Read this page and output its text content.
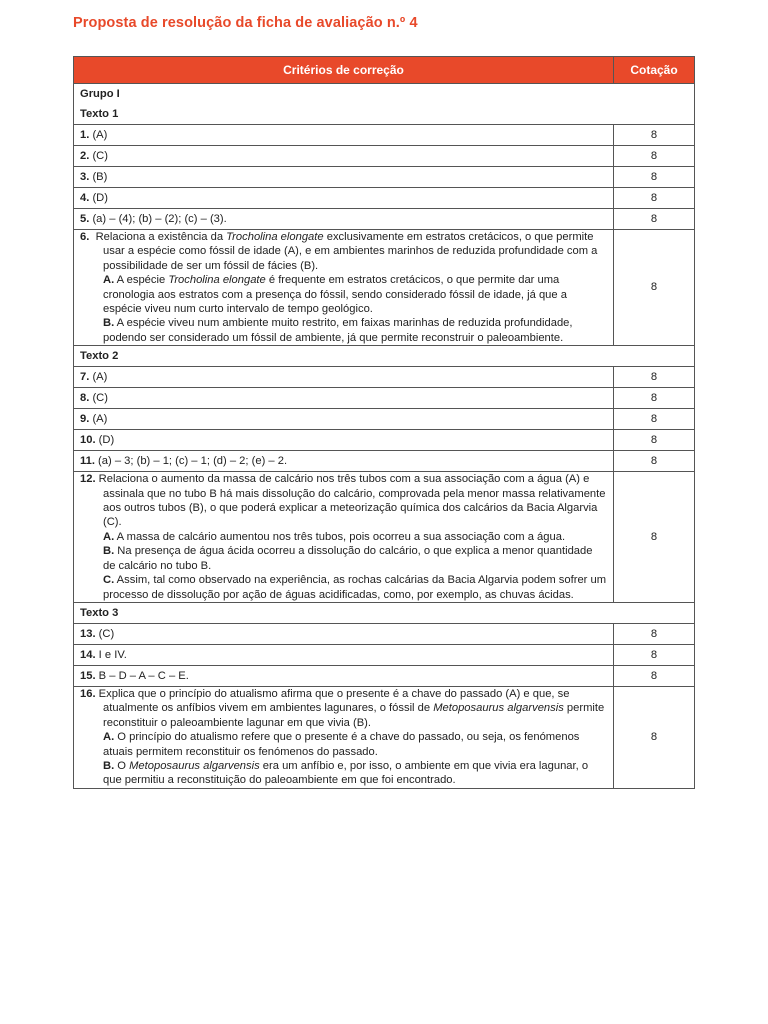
Proposta de resolução da ficha de avaliação n.º 4
Critérios de correção	Cotação
Grupo I	
Texto 1	
1. (A)	8
2. (C)	8
3. (B)	8
4. (D)	8
5. (a) – (4); (b) – (2); (c) – (3).	8

6. Relaciona a existência da Trocholina elongate exclusivamente em estratos cretácicos, o que permite usar a espécie como fóssil de idade (A), e em ambientes marinhos de reduzida profundidade com a possibilidade de ser um fóssil de fácies (B).
A. A espécie Trocholina elongate é frequente em estratos cretácicos, o que permite dar uma cronologia aos estratos com a presença do fóssil, sendo considerado fóssil de idade, já que a espécie viveu num curto intervalo de tempo geológico.
B. A espécie viveu num ambiente muito restrito, em faixas marinhas de reduzida profundidade, podendo ser considerado um fóssil de ambiente, já que permite reconstruir o paleoambiente.	8
Texto 2	
7. (A)	8
8. (C)	8
9. (A)	8
10. (D)	8
11. (a) – 3; (b) – 1; (c) – 1; (d) – 2; (e) – 2.	8

12. Relaciona o aumento da massa de calcário nos três tubos com a sua associação com a água (A) e assinala que no tubo B há mais dissolução do calcário, comprovada pela menor massa relativamente aos outros tubos (B), o que poderá explicar a meteorização química dos calcários da Bacia Algarvia (C).
A. A massa de calcário aumentou nos três tubos, pois ocorreu a sua associação com a água.
B. Na presença de água ácida ocorreu a dissolução do calcário, o que explica a menor quantidade de calcário no tubo B.
C. Assim, tal como observado na experiência, as rochas calcárias da Bacia Algarvia podem sofrer um processo de dissolução por ação de águas acidificadas, como, por exemplo, as chuvas ácidas.	8
Texto 3	
13. (C)	8
14. I e IV.	8
15. B – D – A – C – E.	8

16. Explica que o princípio do atualismo afirma que o presente é a chave do passado (A) e que, se atualmente os anfíbios vivem em ambientes lagunares, o fóssil de Metoposaurus algarvensis permite reconstituir o paleoambiente lagunar em que vivia (B).
A. O princípio do atualismo refere que o presente é a chave do passado, ou seja, os fenómenos atuais permitem reconstituir os fenómenos do passado.
B. O Metoposaurus algarvensis era um anfíbio e, por isso, o ambiente em que vivia era lagunar, o que permitiu a reconstituição do paleoambiente em que foi encontrado.	8
